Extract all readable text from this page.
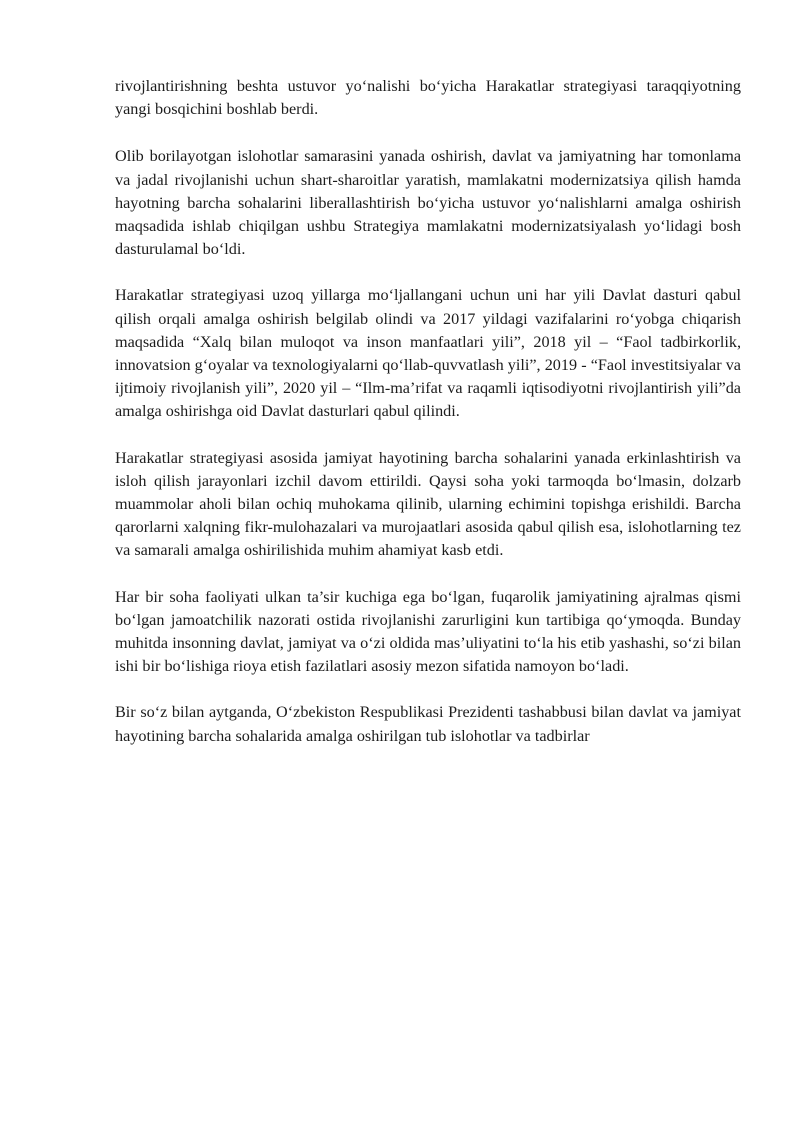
rivojlantirishning beshta ustuvor yo‘nalishi bo‘yicha Harakatlar strategiyasi taraqqiyotning yangi bosqichini boshlab berdi.

Olib borilayotgan islohotlar samarasini yanada oshirish, davlat va jamiyatning har tomonlama va jadal rivojlanishi uchun shart-sharoitlar yaratish, mamlakatni modernizatsiya qilish hamda hayotning barcha sohalarini liberallashtirish bo‘yicha ustuvor yo‘nalishlarni amalga oshirish maqsadida ishlab chiqilgan ushbu Strategiya mamlakatni modernizatsiyalash yo‘lidagi bosh dasturulamal bo‘ldi.

Harakatlar strategiyasi uzoq yillarga mo‘ljallangani uchun uni har yili Davlat dasturi qabul qilish orqali amalga oshirish belgilab olindi va 2017 yildagi vazifalarini ro‘yobga chiqarish maqsadida “Xalq bilan muloqot va inson manfaatlari yili”, 2018 yil – “Faol tadbirkorlik, innovatsion g‘oyalar va texnologiyalarni qo‘llab-quvvatlash yili”, 2019 - “Faol investitsiyalar va ijtimoiy rivojlanish yili”, 2020 yil – “Ilm-ma’rifat va raqamli iqtisodiyotni rivojlantirish yili”da amalga oshirishga oid Davlat dasturlari qabul qilindi.

Harakatlar strategiyasi asosida jamiyat hayotining barcha sohalarini yanada erkinlashtirish va isloh qilish jarayonlari izchil davom ettirildi. Qaysi soha yoki tarmoqda bo‘lmasin, dolzarb muammolar aholi bilan ochiq muhokama qilinib, ularning echimini topishga erishildi. Barcha qarorlarni xalqning fikr-mulohazalari va murojaatlari asosida qabul qilish esa, islohotlarning tez va samarali amalga oshirilishida muhim ahamiyat kasb etdi.

Har bir soha faoliyati ulkan ta’sir kuchiga ega bo‘lgan, fuqarolik jamiyatining ajralmas qismi bo‘lgan jamoatchilik nazorati ostida rivojlanishi zarurligini kun tartibiga qo‘ymoqda. Bunday muhitda insonning davlat, jamiyat va o‘zi oldida mas’uliyatini to‘la his etib yashashi, so‘zi bilan ishi bir bo‘lishiga rioya etish fazilatlari asosiy mezon sifatida namoyon bo‘ladi.

Bir so‘z bilan aytganda, O‘zbekiston Respublikasi Prezidenti tashabbusi bilan davlat va jamiyat hayotining barcha sohalarida amalga oshirilgan tub islohotlar va tadbirlar
